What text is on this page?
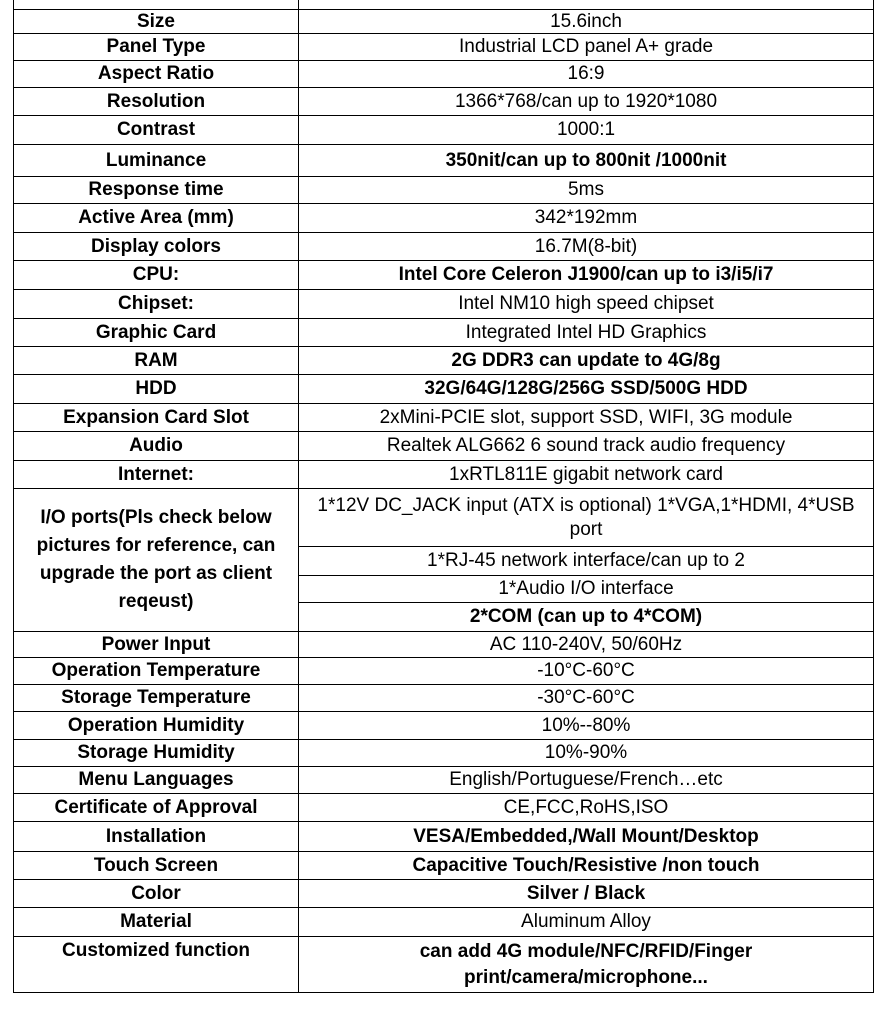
Size	15.6inch
Panel Type	Industrial LCD panel A+ grade
Aspect Ratio	16:9
Resolution	1366*768/can up to 1920*1080
Contrast	1000:1
Luminance	350nit/can up to 800nit /1000nit
Response time	5ms
Active Area (mm)	342*192mm
Display colors	16.7M(8-bit)
CPU:	Intel Core Celeron J1900/can up to i3/i5/i7
Chipset:	Intel NM10 high speed chipset
Graphic Card	Integrated Intel HD Graphics
RAM	2G DDR3 can update to 4G/8g
HDD	32G/64G/128G/256G SSD/500G HDD
Expansion Card Slot	2xMini-PCIE slot, support SSD, WIFI, 3G module
Audio	Realtek ALG662 6 sound track audio frequency
Internet:	1xRTL811E gigabit network card
I/O ports(Pls check below pictures for reference, can upgrade the port as client reqeust)	1*12V DC_JACK input (ATX is optional) 1*VGA,1*HDMI, 4*USB port
	1*RJ-45 network interface/can up to 2
	1*Audio I/O interface
	2*COM (can up to 4*COM)
Power Input	AC 110-240V, 50/60Hz
Operation Temperature	-10°C-60°C
Storage Temperature	-30°C-60°C
Operation Humidity	10%--80%
Storage Humidity	10%-90%
Menu Languages	English/Portuguese/French…etc
Certificate of Approval	CE,FCC,RoHS,ISO
Installation	VESA/Embedded,/Wall Mount/Desktop
Touch Screen	Capacitive Touch/Resistive /non touch
Color	Silver / Black
Material	Aluminum Alloy
Customized function	can add 4G module/NFC/RFID/Finger print/camera/microphone...
